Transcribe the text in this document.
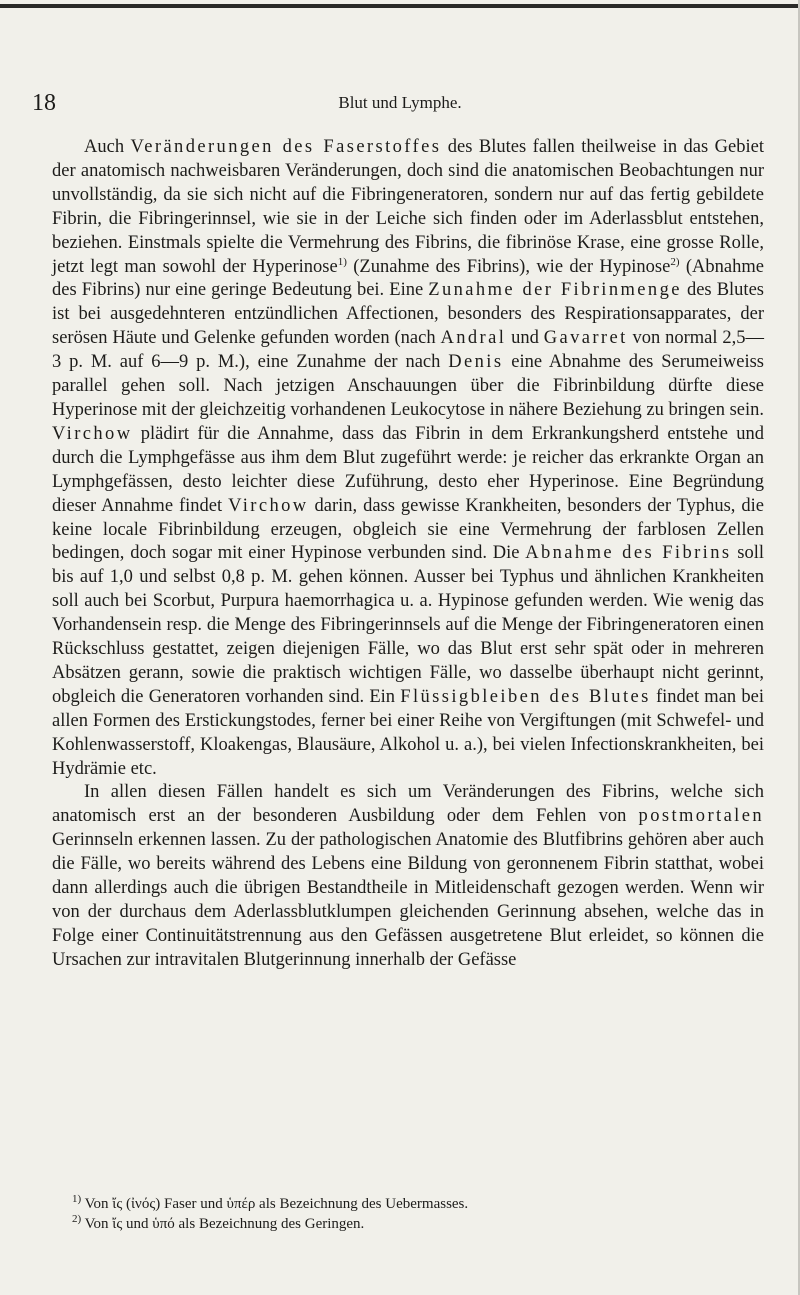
18	Blut und Lymphe.

Auch Veränderungen des Faserstoffes des Blutes fallen theilweise in das Gebiet der anatomisch nachweisbaren Veränderungen, doch sind die anatomischen Beobachtungen nur unvollständig, da sie sich nicht auf die Fibringeneratoren, sondern nur auf das fertig gebildete Fibrin, die Fibringerinnsel, wie sie in der Leiche sich finden oder im Aderlassblut entstehen, beziehen. Einstmals spielte die Vermehrung des Fibrins, die fibrinöse Krase, eine grosse Rolle, jetzt legt man sowohl der Hyperinose$^{1)}$ (Zunahme des Fibrins), wie der Hypinose$^{2)}$ (Abnahme des Fibrins) nur eine geringe Bedeutung bei. Eine Zunahme der Fibrinmenge des Blutes ist bei ausgedehnteren entzündlichen Affectionen, besonders des Respirationsapparates, der serösen Häute und Gelenke gefunden worden (nach Andral und Gavarret von normal 2,5—3 p. M. auf 6—9 p. M.), eine Zunahme der nach Denis eine Abnahme des Serumeiweiss parallel gehen soll. Nach jetzigen Anschauungen über die Fibrinbildung dürfte diese Hyperinose mit der gleichzeitig vorhandenen Leukocytose in nähere Beziehung zu bringen sein. Virchow plädirt für die Annahme, dass das Fibrin in dem Erkrankungsherd entstehe und durch die Lymphgefässe aus ihm dem Blut zugeführt werde: je reicher das erkrankte Organ an Lymphgefässen, desto leichter diese Zuführung, desto eher Hyperinose. Eine Begründung dieser Annahme findet Virchow darin, dass gewisse Krankheiten, besonders der Typhus, die keine locale Fibrinbildung erzeugen, obgleich sie eine Vermehrung der farblosen Zellen bedingen, doch sogar mit einer Hypinose verbunden sind. Die Abnahme des Fibrins soll bis auf 1,0 und selbst 0,8 p. M. gehen können. Ausser bei Typhus und ähnlichen Krankheiten soll auch bei Scorbut, Purpura haemorrhagica u. a. Hypinose gefunden werden. Wie wenig das Vorhandensein resp. die Menge des Fibringerinnsels auf die Menge der Fibringeneratoren einen Rückschluss gestattet, zeigen diejenigen Fälle, wo das Blut erst sehr spät oder in mehreren Absätzen gerann, sowie die praktisch wichtigen Fälle, wo dasselbe überhaupt nicht gerinnt, obgleich die Generatoren vorhanden sind. Ein Flüssigbleiben des Blutes findet man bei allen Formen des Erstickungstodes, ferner bei einer Reihe von Vergiftungen (mit Schwefel- und Kohlenwasserstoff, Kloakengas, Blausäure, Alkohol u. a.), bei vielen Infectionskrankheiten, bei Hydrämie etc.

In allen diesen Fällen handelt es sich um Veränderungen des Fibrins, welche sich anatomisch erst an der besonderen Ausbildung oder dem Fehlen von postmortalen Gerinnseln erkennen lassen. Zu der pathologischen Anatomie des Blutfibrins gehören aber auch die Fälle, wo bereits während des Lebens eine Bildung von geronnenem Fibrin statthat, wobei dann allerdings auch die übrigen Bestandtheile in Mitleidenschaft gezogen werden. Wenn wir von der durchaus dem Aderlassblutklumpen gleichenden Gerinnung absehen, welche das in Folge einer Continuitätstrennung aus den Gefässen ausgetretene Blut erleidet, so können die Ursachen zur intravitalen Blutgerinnung innerhalb der Gefässe

$^{1)}$ Von ἴς (ἰνός) Faser und ὑπέρ als Bezeichnung des Uebermasses.

$^{2)}$ Von ἴς und ὑπό als Bezeichnung des Geringen.
